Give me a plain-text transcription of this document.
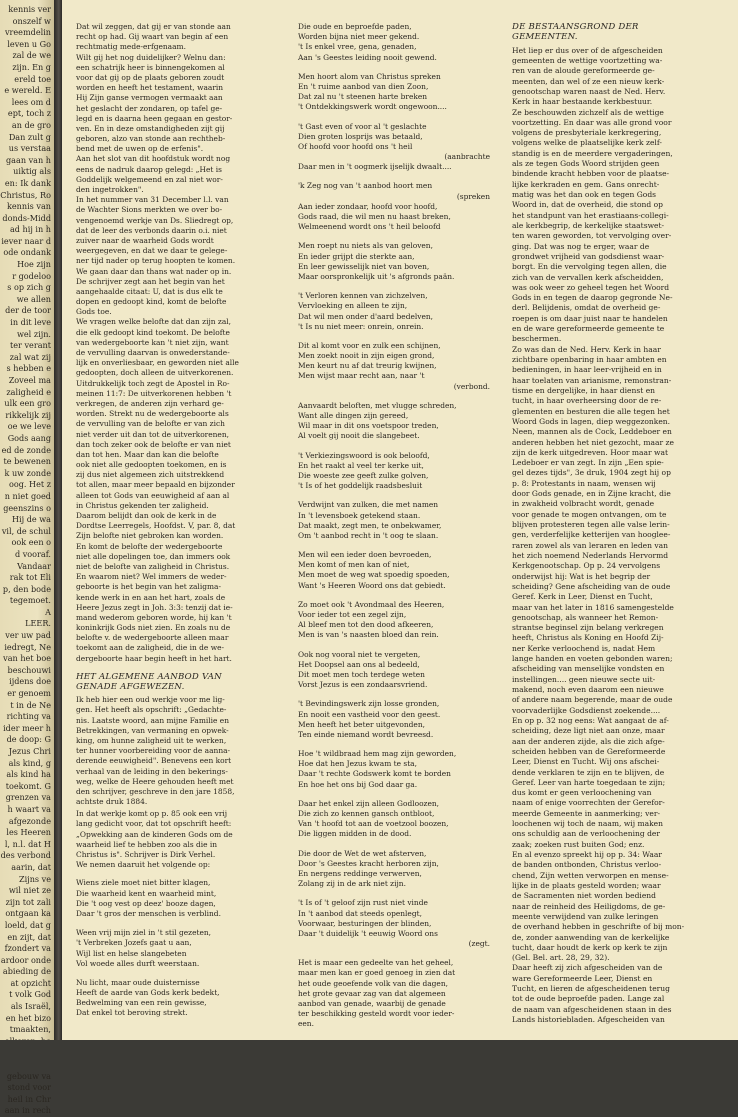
kennis ver
onszelf w
vreemdelin
leven u Go
zal de we
zijn. En g
ereld toe
e wereld. E
lees om d
ept, toch z
an de gro
Dan zult g
us verstaa
gaan van h
uiktig als
en: Ik dank
Christus, Ro
kennis van
donds-Midd
ad hij in h
iever naar d
ode ondank
Hoe zijn
r godeloo
s op zich g
we allen
der de toor
in dit leve
wel zijn.
ter verant
zal wat zij
s hebben e
Zoveel ma
zaligheid e
ulk een gro
rikkelijk zij
oe we leve
Gods aang
ed de zonde
te bewenen
k uw zonde
oog. Het z
n niet goed
geenszins o
Hij de wa
vil, de schul
ook een o
d vooraf.
Vandaar
rak tot Eli
p, den bode
tegemoet.
A
LEER.
ver uw pad
iedregt, Ne
van het boe
beschouwi
ijdens doe
er genoem
t in de Ne
richting va
ider meer h
de doop: G
Jezus Chri
als kind, g
als kind ha
toekomt. G
grenzen va
h waart va
afgezonde
les Heeren
l, n.l. dat H
des verbond
aarin, dat
Zijns ve
wil niet ze
zijn tot zali
ontgaan ka
loeld, dat g
en zijt, dat
fzondert va
ardoor onde
abieding de
at opzicht
t volk God
als Israël,
en het bizo
tmaakten,
gebouw va
stond voor
heil in Chr
aan in rech

Dat wil zeggen, dat gij er van stonde aan
recht op had. Gij waart van begin af een
rechtmatig mede-erfgenaam.
Wilt gij het nog duidelijker? Welnu dan:
een schatrijk heer is binnengekomen al
voor dat gij op de plaats geboren zoudt
worden en heeft het testament, waarin
Hij Zijn ganse vermogen vermaakt aan
het geslacht der zondaren, op tafel ge-
legd en is daarna heen gegaan en gestor-
ven. En in deze omstandigheden zijt gij
geboren, alzo van stonde aan rechtheb-
bend met de uwen op de erfenis".
Aan het slot van dit hoofdstuk wordt nog
eens de nadruk daarop gelegd: „Het is
Goddelijk welgemeend en zal niet wor-
den ingetrokken".
In het nummer van 31 December l.l. van
de Wachter Sions merkten we over bo-
vengenoemd werkje van Ds. Sliedregt op,
dat de leer des verbonds daarin o.i. niet
zuiver naar de waarheid Gods wordt
weergegeven, en dat we daar te gelege-
ner tijd nader op terug hoopten te komen.
We gaan daar dan thans wat nader op in.
De schrijver zegt aan het begin van het
aangehaalde citaat: U, dat is dus elk te
dopen en gedoopt kind, komt de belofte
Gods toe.
We vragen welke belofte dat dan zijn zal,
die elk gedoopt kind toekomt. De belofte
van wedergeboorte kan 't niet zijn, want
de vervulling daarvan is onwederstande-
lijk en onverliesbaar, en geworden niet alle
gedoopten, doch alleen de uitverkorenen.
Uitdrukkelijk toch zegt de Apostel in Ro-
meinen 11:7: De uitverkorenen hebben 't
verkregen, de anderen zijn verhard ge-
worden. Strekt nu de wedergeboorte als
de vervulling van de belofte er van zich
niet verder uit dan tot de uitverkorenen,
dan toch zeker ook de belofte er van niet
dan tot hen. Maar dan kan die belofte
ook niet alle gedoopten toekomen, en is
zij dus niet algemeen zich uitstrekkend
tot allen, maar meer bepaald en bijzonder
alleen tot Gods van eeuwigheid af aan al
in Christus gekenden ter zaligheid.
Daarom belijdt dan ook de kerk in de
Dordtse Leerregels, Hoofdst. V, par. 8, dat
Zijn belofte niet gebroken kan worden.
En komt de belofte der wedergeboorte
niet alle dopelingen toe, dan immers ook
niet de belofte van zaligheid in Christus.
En waarom niet? Wel immers de weder-
geboorte is het begin van het zaligma-
kende werk in en aan het hart, zoals de
Heere Jezus zegt in Joh. 3:3: tenzij dat ie-
mand wederom geboren worde, hij kan 't
koninkrijk Gods niet zien. En zoals nu de
belofte v. de wedergeboorte alleen maar
toekomt aan de zaligheid, die in de we-
dergeboorte haar begin heeft in het hart.

HET ALGEMENE AANBOD VAN
GENADE AFGEWEZEN.

Ik heb hier een oud werkje voor me lig-
gen. Het heeft als opschrift: „Gedachte-
nis. Laatste woord, aan mijne Familie en
Betrekkingen, van vermaning en opwek-
king, om hunne zaligheid uit te werken,
ter hunner voorbereiding voor de aanna-
derende eeuwigheid". Benevens een kort
verhaal van de leiding in den bekerings-
weg, welke de Heere gehouden heeft met
den schrijver, geschreve in den jare 1858,
achtste druk 1884.

In dat werkje komt op p. 85 ook een vrij
lang gedicht voor, dat tot opschrift heeft:
„Opwekking aan de kinderen Gods om de
waarheid lief te hebben zoo als die in
Christus is". Schrijver is Dirk Verhel.
We nemen daaruit het volgende op:

Wiens ziele moet niet bitter klagen,
Die waarheid kent en waarheid mint,
Die 't oog vest op deez' booze dagen,
Daar 't gros der menschen is verblind.
Ween vrij mijn ziel in 't stil gezeten,
't Verbreken Jozefs gaat u aan,
Wijl list en helse slangebeten
Vol woede alles durft weerstaan.
Nu licht, maar oude duisternisse
Heeft de aarde van Gods kerk bedekt,
Bedwelming van een rein gewisse,
Dat enkel tot beroving strekt.
Die oude en beproefde paden,
Worden bijna niet meer gekend.
't Is enkel vree, gena, genaden,
Aan 's Geestes leiding nooit gewend.
Men hoort alom van Christus spreken
En 't ruime aanbod van dien Zoon,
Dat zal nu 't steenen harte breken
't Ontdekkingswerk wordt ongewoon....
't Gast even of voor al 't geslachte
Dien groten losprijs was betaald,
Of hoofd voor hoofd ons 't heil
(aanbrachte
Daar men in 't oogmerk ijselijk dwaalt....
'k Zeg nog van 't aanbod hoort men
(spreken
Aan ieder zondaar, hoofd voor hoofd,
Gods raad, die wil men nu haast breken,
Welmeenend wordt ons 't heil beloofd
Men roept nu niets als van geloven,
En ieder grijpt die sterkte aan,
En leer gewisselijk niet van boven,
Maar oorspronkelijk uit 's afgronds paän.
't Verloren kennen van zichzelven,
Vervloeking en alleen te zijn,
Dat wil men onder d'aard bedelven,
't Is nu niet meer: onrein, onrein.
Dit al komt voor en zulk een schijnen,
Men zoekt nooit in zijn eigen grond,
Men keurt nu af dat treurig kwijnen,
Men wijst maar recht aan, naar 't
(verbond.
Aanvaardt beloften, met vlugge schreden,
Want alle dingen zijn gereed,
Wil maar in dit ons voetspoor treden,
Al voelt gij nooit die slangebeet.
't Verkiezingswoord is ook beloofd,
En het raakt al veel ter kerke uit,
Die woeste zee geeft zulke golven,
't Is of het goddelijk raadsbesluit
Verdwijnt van zulken, die met namen
In 't levensboek getekend staan.
Dat maakt, zegt men, te onbekwamer,
Om 't aanbod recht in 't oog te slaan.
Men wil een ieder doen bevroeden,
Men komt of men kan of niet,
Men moet de weg wat spoedig spoeden,
Want 's Heeren Woord ons dat gebiedt.
Zo moet ook 't Avondmaal des Heeren,
Voor ieder tot een zegel zijn,
Al bleef men tot den dood afkeeren,
Men is van 's naasten bloed dan rein.
Ook nog vooral niet te vergeten,
Het Doopsel aan ons al bedeeld,
Dit moet men toch terdege weten
Vorst Jezus is een zondaarsvriend.
't Bevindingswerk zijn losse gronden,
En nooit een vastheid voor den geest.
Men heeft het beter uitgevonden,
Ten einde niemand wordt bevreesd.
Hoe 't wildbraad hem mag zijn geworden,
Hoe dat hen Jezus kwam te sta,
Daar 't rechte Godswerk komt te borden
En hoe het ons bij God daar ga.
Daar het enkel zijn alleen Godloozen,
Die zich zo kennen gansch ontbloot,
Van 't hoofd tot aan de voetzool boozen,
Die liggen midden in de dood.
Die door de Wet de wet afsterven,
Door 's Geestes kracht herboren zijn,
En nergens reddinge verwerven,
Zolang zij in de ark niet zijn.
't Is of 't geloof zijn rust niet vinde
In 't aanbod dat steeds openlegt,
Voorwaar, besturingen der blinden,
Daar 't duidelijk 't eeuwig Woord ons
(zegt.

Het is maar een gedeelte van het geheel,
maar men kan er goed genoeg in zien dat
het oude geoefende volk van die dagen,
het grote gevaar zag van dat algemeen
aanbod van genade, waarbij de genade
ter beschikking gesteld wordt voor ieder-
een.

DE BESTAANSGROND DER
GEMEENTEN.

Het liep er dus over of de afgescheiden
gemeenten de wettige voortzetting wa-
ren van de aloude gereformeerde ge-
meenten, dan wel of ze een nieuw kerk-
genootschap waren naast de Ned. Herv.
Kerk in haar bestaande kerkbestuur.
Ze beschouwden zichzelf als de wettige
voortzetting. En daar was alle grond voor
volgens de presbyteriale kerkregering,
volgens welke de plaatselijke kerk zelf-
standig is en de meerdere vergaderingen,
als ze tegen Gods Woord strijden geen
bindende kracht hebben voor de plaatse-
lijke kerkraden en gem. Gans onrecht-
matig was het dan ook en tegen Gods
Woord in, dat de overheid, die stond op
het standpunt van het erastiaans-collegi-
ale kerkbegrip, de kerkelijke staatswet-
ten waren geworden, tot vervolging over-
ging. Dat was nog te erger, waar de
grondwet vrijheid van godsdienst waar-
borgt. En die vervolging tegen allen, die
zich van de vervallen kerk afscheidden,
was ook weer zo geheel tegen het Woord
Gods in en tegen de daarop gegronde Ne-
derl. Belijdenis, omdat de overheid ge-
roepen is om daar juist naar te handelen
en de ware gereformeerde gemeente te
beschermen.

Zo was dan de Ned. Herv. Kerk in haar
zichtbare openbaring in haar ambten en
bedieningen, in haar leer-vrijheid en in
haar toelaten van arianisme, remonstran-
tisme en dergelijke, in haar dienst en
tucht, in haar overheersing door de re-
glementen en besturen die alle tegen het
Woord Gods in lagen, diep weggezonken.
Neen, mannen als de Cock, Leddeboer en
anderen hebben het niet gezocht, maar ze
zijn de kerk uitgedreven. Hoor maar wat
Ledeboer er van zegt. In zijn „Een spie-
gel dezes tijds", 3e druk, 1904 zegt hij op
p. 8: Protestants in naam, wensen wij
door Gods genade, en in Zijne kracht, die
in zwakheid volbracht wordt, genade
voor genade te mogen ontvangen, om te
blijven protesteren tegen alle valse lerin-
gen, verderfelijke ketterijen van hooglee-
raren zowel als van leraren en leden van
het zich noemend Nederlands Hervormd
Kerkgenootschap. Op p. 24 vervolgens
onderwijst hij: Wat is het begrip der
scheiding? Gene afscheiding van de oude
Geref. Kerk in Leer, Dienst en Tucht,
maar van het later in 1816 samengestelde
genootschap, als wanneer het Remon-
strantse beginsel zijn belang verkregen
heeft, Christus als Koning en Hoofd Zij-
ner Kerke verloochend is, nadat Hem
lange handen en voeten gebonden waren;
afscheiding van menselijke vondsten en
instellingen.... geen nieuwe secte uit-
makend, noch even daarom een nieuwe
of andere naam begerende, maar de oude
voorvaderlijke Godsdienst zoekende....

En op p. 32 nog eens: Wat aangaat de af-
scheiding, deze ligt niet aan onze, maar
aan der anderen zijde, als die zich afge-
scheiden hebben van de Gereformeerde
Leer, Dienst en Tucht. Wij ons afschei-
dende verklaren te zijn en te blijven, de
Geref. Leer van harte toegedaan te zijn;
dus komt er geen verloochening van
naam of enige voorrechten der Gerefor-
meerde Gemeente in aanmerking; ver-
loochenen wij toch de naam, wij maken
ons schuldig aan de verloochening der
zaak; zoeken rust buiten God; enz.

En al evenzo spreekt hij op p. 34: Waar
de banden ontbonden, Christus verloo-
chend, Zijn wetten verworpen en mense-
lijke in de plaats gesteld worden; waar
de Sacramenten niet worden bediend
naar de reinheid des Heiligdoms, de ge-
meente verwijdend van zulke leringen
de overhand hebben in geschrifte of bij mon-
de, zonder aanwending van de kerkelijke
tucht, daar houdt de kerk op kerk te zijn
(Gel. Bel. art. 28, 29, 32).

Daar heeft zij zich afgescheiden van de
ware Gereformeerde Leer, Dienst en
Tucht, en lieren de afgescheidenen terug
tot de oude beproefde paden. Lange zal
de naam van afgescheidenen staan in des
Lands historiebladen. Afgescheiden van
